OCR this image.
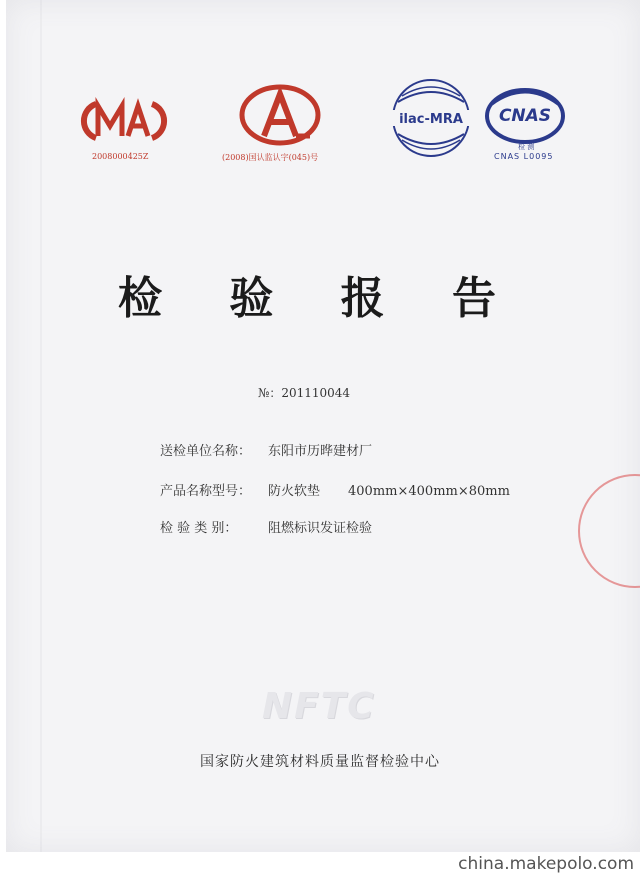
2008000425Z	(2008)国认监认字(045)号
ilac-MRA CNAS
检 测
CNAS L0095
检 验 报 告
№：201110044
送检单位名称： 东阳市历晔建材厂
产品名称型号： 防火软垫 400mm×400mm×80mm
检 验 类 别： 阻燃标识发证检验
NFTC
国家防火建筑材料质量监督检验中心
china.makepolo.com
